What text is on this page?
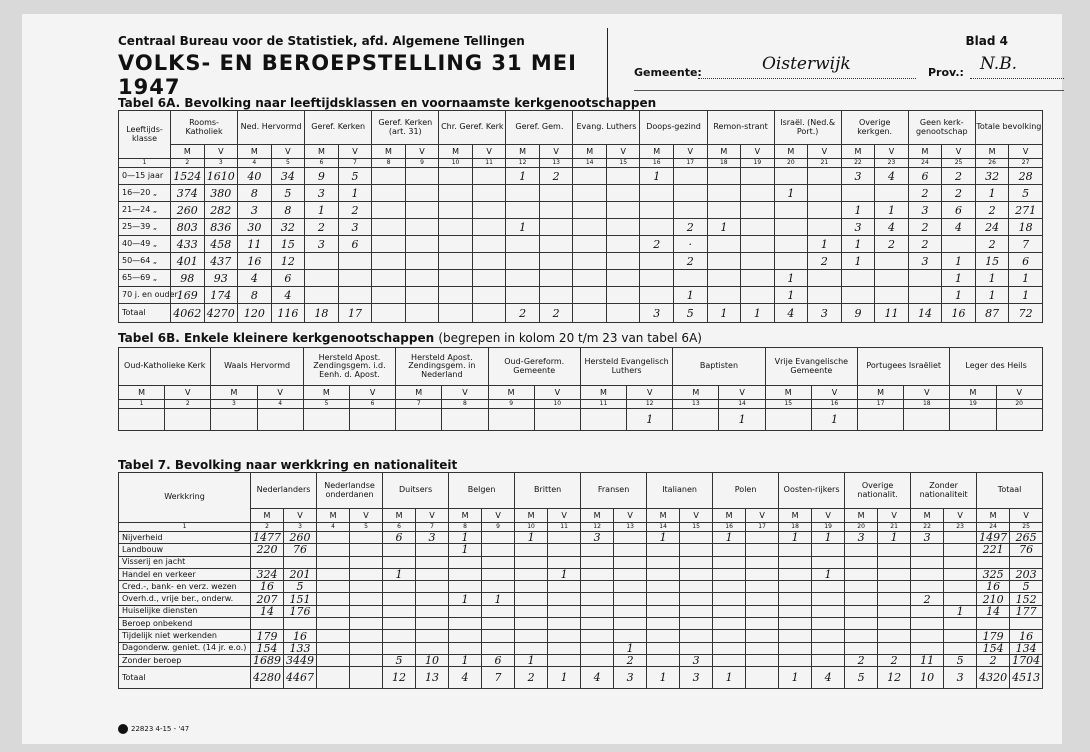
Centraal Bureau voor de Statistiek, afd. Algemene Tellingen
VOLKS- EN BEROEPSTELLING 31 MEI 1947
Blad 4
Gemeente:	Oisterwijk	Prov.: N.B.
Tabel 6A. Bevolking naar leeftijdsklassen en voornaamste kerkgenootschappen
Leeftijds-klasse	Rooms-Katholiek		Ned. Hervormd		Geref. Kerken		Geref. Kerken (art. 31)		Chr. Geref. Kerk		Geref. Gem.		Evang. Luthers		Doops-gezind		Remon-strant		Israël. (Ned.& Port.)		Overige kerkgen.		Geen kerk-genootschap		Totale bevolking	
	M	V	M	V	M	V	M	V	M	V	M	V	M	V	M	V	M	V	M	V	M	V	M	V	M	V
1	2	3	4	5	6	7	8	9	10	11	12	13	14	15	16	17	18	19	20	21	22	23	24	25	26	27
0—15 jaar	1524	1610	40	34	9	5					1	2			1						3	4	6	2	32	28
16—20 „	374	380	8	5	3	1													1				2	2	1	5
21—24 „	260	282	3	8	1	2															1	1	3	6	2	271
25—39 „	803	836	30	32	2	3					1					2	1				3	4	2	4	24	18
40—49 „	433	458	11	15	3	6									2	·				1	1	2	2		2	7
50—64 „	401	437	16	12												2				2	1		3	1	15	6
65—69 „	98	93	4	6															1					1	1	1
70 j. en ouder	169	174	8	4												1			1					1	1	1
Totaal	4062	4270	120	116	18	17					2	2			3	5	1	1	4	3	9	11	14	16	87	72
Tabel 6B. Enkele kleinere kerkgenootschappen (begrepen in kolom 20 t/m 23 van tabel 6A)
Oud-Katholieke Kerk		Waals Hervormd		Hersteld Apost. Zendingsgem. i.d. Eenh. d. Apost.		Hersteld Apost. Zendingsgem. in Nederland		Oud-Gereform. Gemeente		Hersteld Evangelisch Luthers		Baptisten		Vrije Evangelische Gemeente		Portugees Israëliet		Leger des Heils	
M	V	M	V	M	V	M	V	M	V	M	V	M	V	M	V	M	V	M	V
1	2	3	4	5	6	7	8	9	10	11	12	13	14	15	16	17	18	19	20
											1		1		1				
Tabel 7. Bevolking naar werkkring en nationaliteit
Werkkring	Nederlanders		Nederlandse onderdanen		Duitsers		Belgen		Britten		Fransen		Italianen		Polen		Oosten-rijkers		Overige nationalit.		Zonder nationaliteit		Totaal	
	M	V	M	V	M	V	M	V	M	V	M	V	M	V	M	V	M	V	M	V	M	V	M	V
1	2	3	4	5	6	7	8	9	10	11	12	13	14	15	16	17	18	19	20	21	22	23	24	25
Nijverheid	1477	260			6	3	1		1		3		1		1		1	1	3	1	3		1497	265
Landbouw	220	76					1																221	76
Visserij en jacht																								
Handel en verkeer	324	201			1					1								1					325	203
Cred.-, bank- en verz. wezen	16	5																					16	5
Overh.d., vrije ber., onderw.	207	151					1	1													2		210	152
Huiselijke diensten	14	176																				1	14	177
Beroep onbekend																								
Tijdelijk niet werkenden	179	16																					179	16
Dagonderw. geniet. (14 jr. e.o.)	154	133										1											154	134
Zonder beroep	1689	3449			5	10	1	6	1			2		3					2	2	11	5	2	1704
Totaal	4280	4467			12	13	4	7	2	1	4	3	1	3	1		1	4	5	12	10	3	4320	4513
22823 4-15 - '47
